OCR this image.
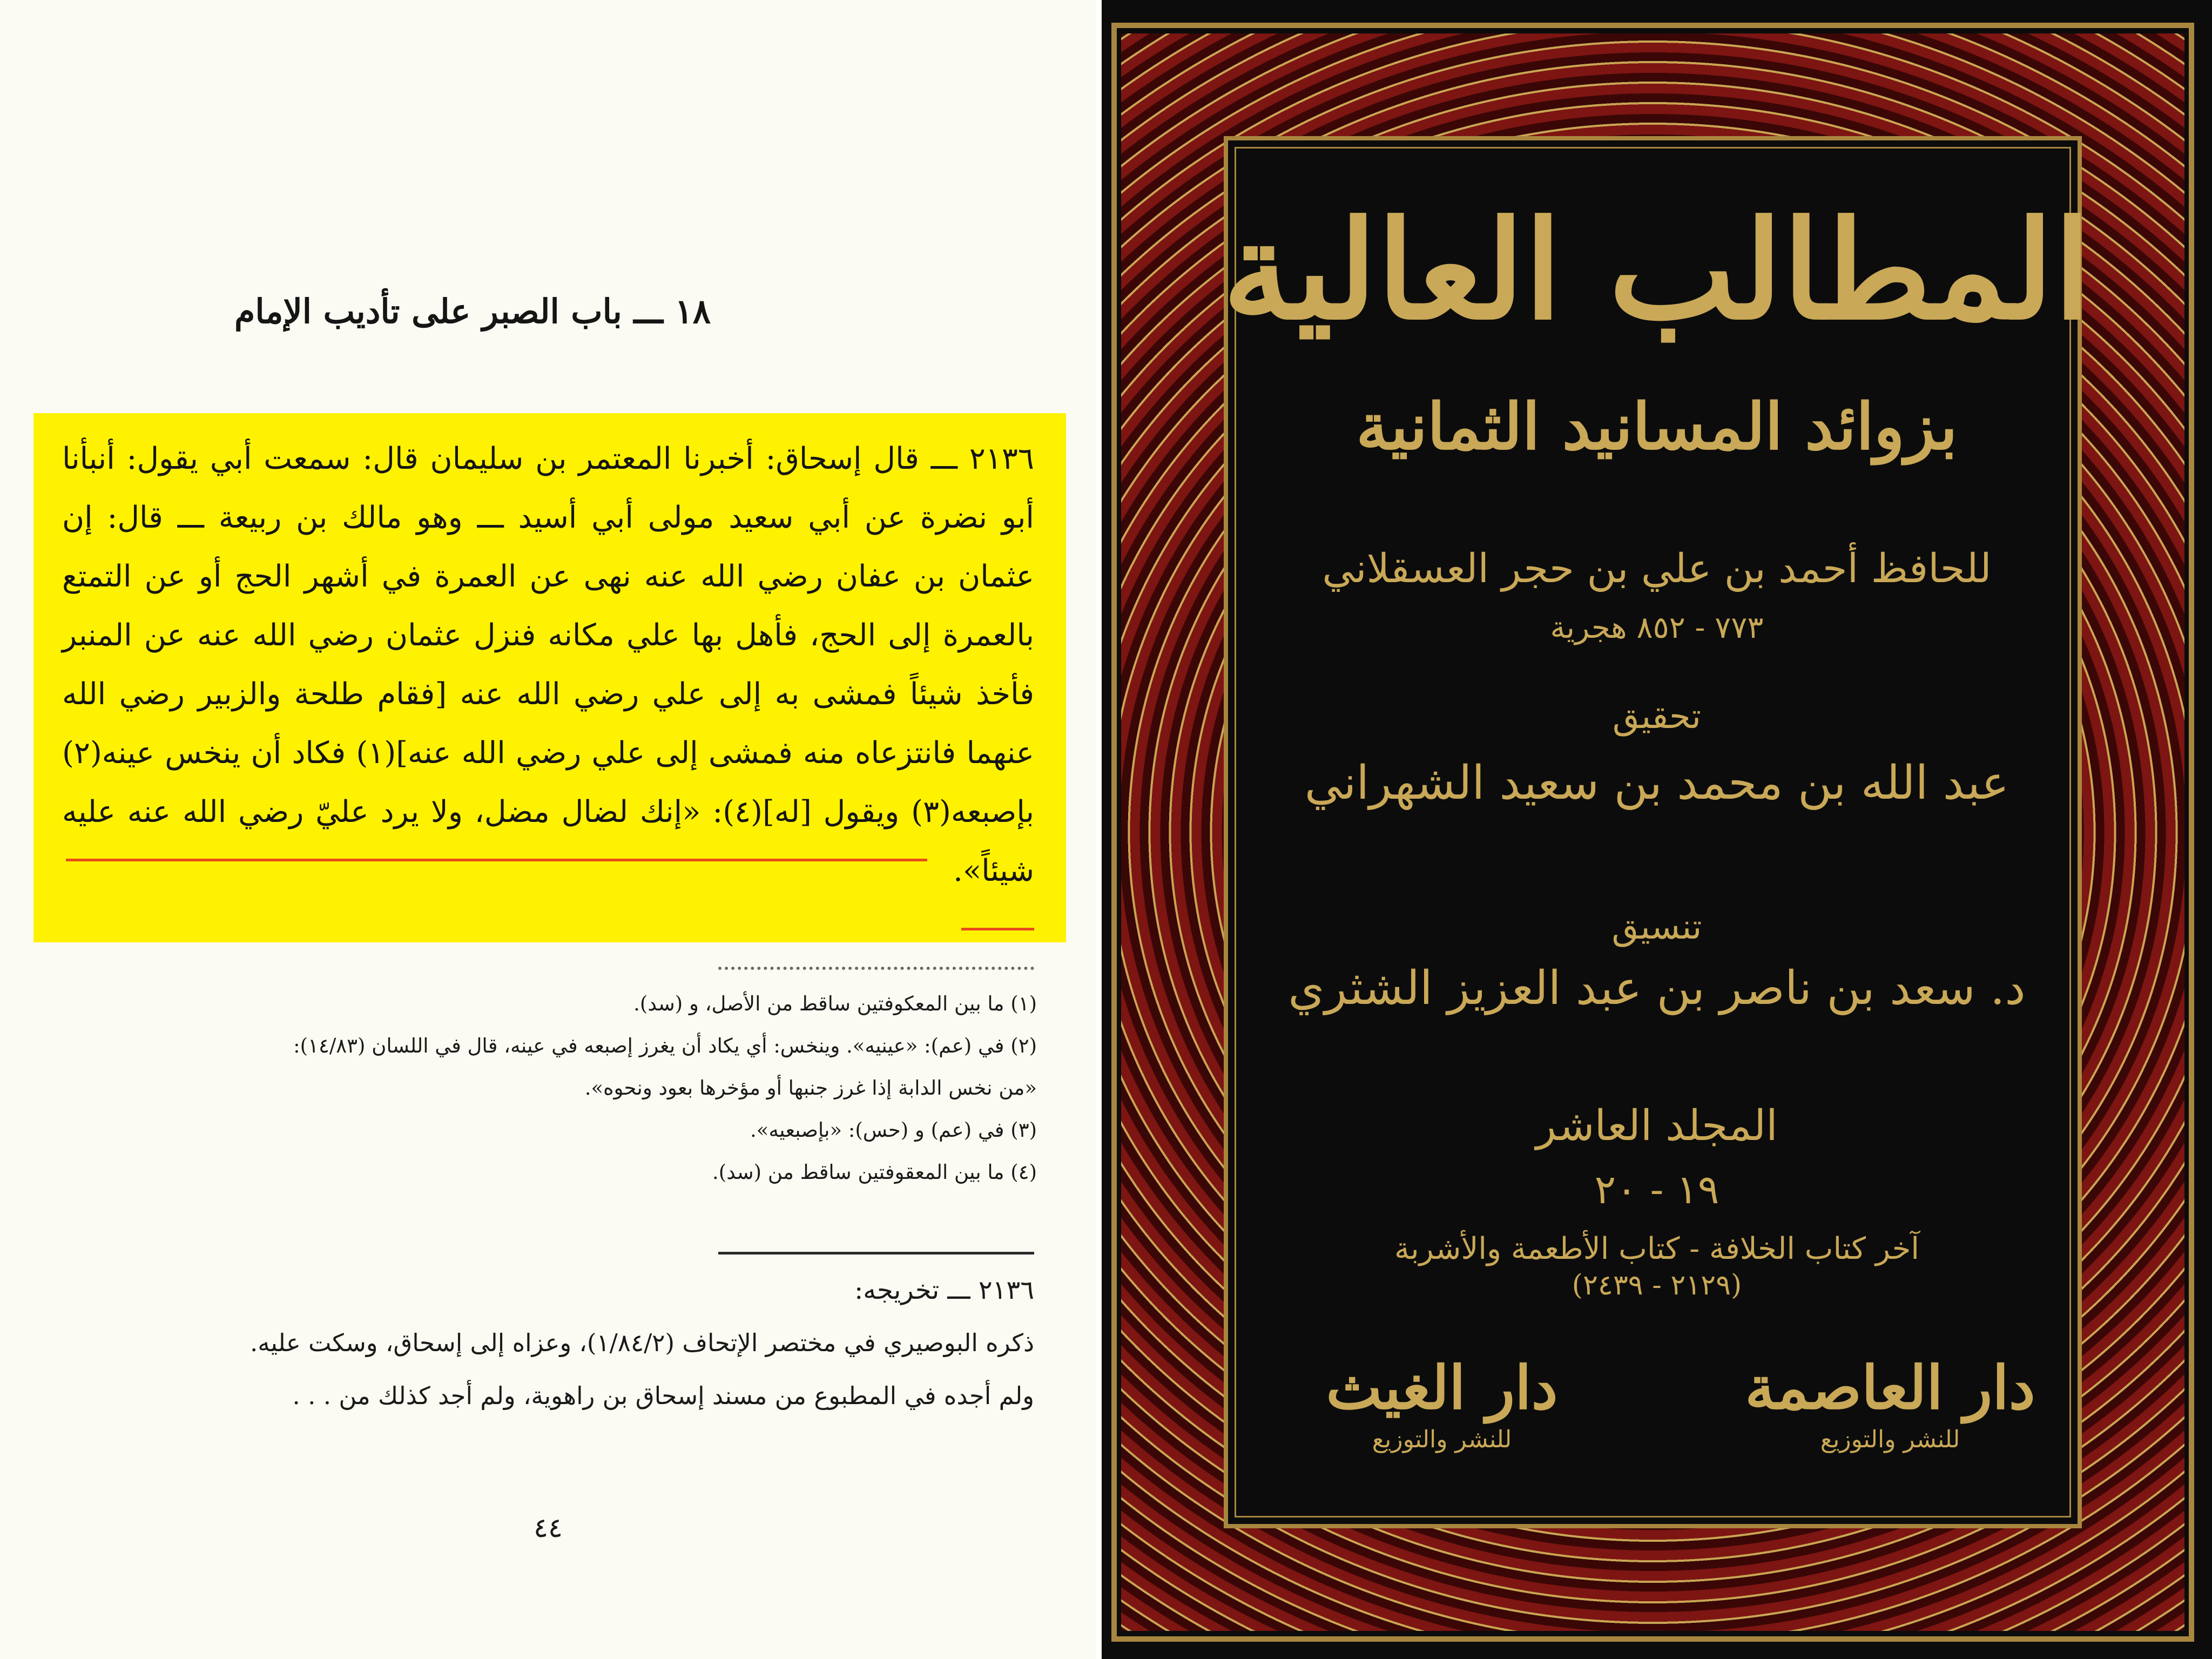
١٨ ـــ باب الصبر على تأديب الإمام
٢١٣٦ ـــ قال إسحاق: أخبرنا المعتمر بن سليمان قال: سمعت أبي يقول: أنبأنا أبو نضرة عن أبي سعيد مولى أبي أسيد ـــ وهو مالك بن ربيعة ـــ قال: إن عثمان بن عفان رضي الله عنه نهى عن العمرة في أشهر الحج أو عن التمتع بالعمرة إلى الحج، فأهل بها علي مكانه فنزل عثمان رضي الله عنه عن المنبر فأخذ شيئاً فمشى به إلى علي رضي الله عنه [فقام طلحة والزبير رضي الله عنهما فانتزعاه منه فمشى إلى علي رضي الله عنه](١) فكاد أن ينخس عينه(٢) بإصبعه(٣) ويقول [له](٤): «إنك لضال مضل، ولا يرد عليّ رضي الله عنه عليه شيئاً».

(١) ما بين المعكوفتين ساقط من الأصل، و (سد).

(٢) في (عم): «عينيه». وينخس: أي يكاد أن يغرز إصبعه في عينه، قال في اللسان (١٤/٨٣):

«من نخس الدابة إذا غرز جنبها أو مؤخرها بعود ونحوه».

(٣) في (عم) و (حس): «بإصبعيه».

(٤) ما بين المعقوفتين ساقط من (سد).

٢١٣٦ ـــ تخريجه:

ذكره البوصيري في مختصر الإتحاف (١/٨٤/٢)، وعزاه إلى إسحاق، وسكت عليه.

ولم أجده في المطبوع من مسند إسحاق بن راهوية، ولم أجد كذلك من . . .

٤٤
المطالب العالية
بزوائد المسانيد الثمانية
للحافظ أحمد بن علي بن حجر العسقلاني
٧٧٣ - ٨٥٢ هجرية
تحقيق
عبد الله بن محمد بن سعيد الشهراني
تنسيق
د. سعد بن ناصر بن عبد العزيز الشثري
المجلد العاشر
١٩ - ٢٠
آخر كتاب الخلافة - كتاب الأطعمة والأشربة
(٢١٢٩ - ٢٤٣٩)
دار العاصمة
للنشر والتوزيع
دار الغيث
للنشر والتوزيع
